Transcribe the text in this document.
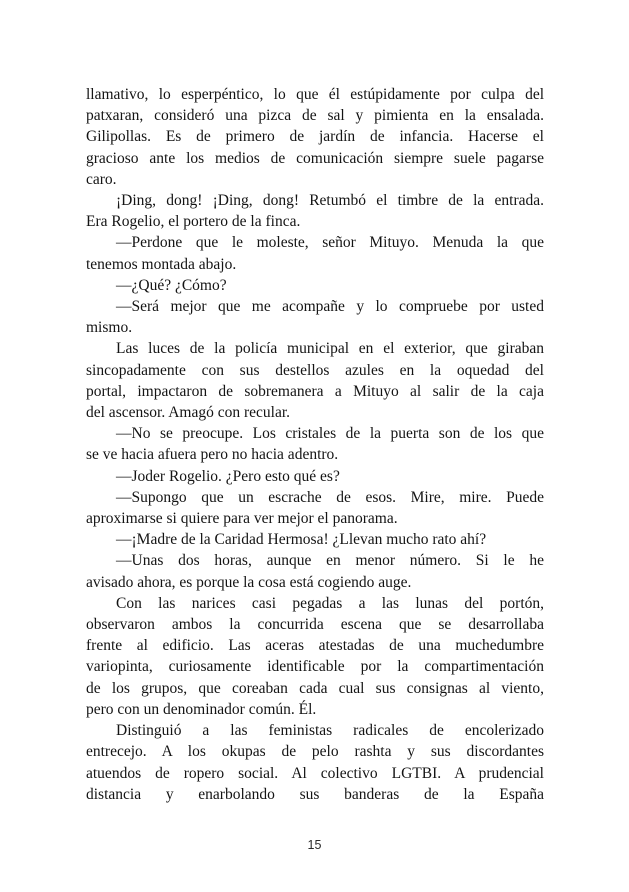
llamativo, lo esperpéntico, lo que él estúpidamente por culpa del
patxaran, consideró una pizca de sal y pimienta en la ensalada.
Gilipollas. Es de primero de jardín de infancia. Hacerse el
gracioso ante los medios de comunicación siempre suele pagarse
caro.
¡Ding, dong! ¡Ding, dong! Retumbó el timbre de la entrada.
Era Rogelio, el portero de la finca.
—Perdone que le moleste, señor Mituyo. Menuda la que
tenemos montada abajo.
—¿Qué? ¿Cómo?
—Será mejor que me acompañe y lo compruebe por usted
mismo.
Las luces de la policía municipal en el exterior, que giraban
sincopadamente con sus destellos azules en la oquedad del
portal, impactaron de sobremanera a Mituyo al salir de la caja
del ascensor. Amagó con recular.
—No se preocupe. Los cristales de la puerta son de los que
se ve hacia afuera pero no hacia adentro.
—Joder Rogelio. ¿Pero esto qué es?
—Supongo que un escrache de esos. Mire, mire. Puede
aproximarse si quiere para ver mejor el panorama.
—¡Madre de la Caridad Hermosa! ¿Llevan mucho rato ahí?
—Unas dos horas, aunque en menor número. Si le he
avisado ahora, es porque la cosa está cogiendo auge.
Con las narices casi pegadas a las lunas del portón,
observaron ambos la concurrida escena que se desarrollaba
frente al edificio. Las aceras atestadas de una muchedumbre
variopinta, curiosamente identificable por la compartimentación
de los grupos, que coreaban cada cual sus consignas al viento,
pero con un denominador común. Él.
Distinguió a las feministas radicales de encolerizado
entrecejo. A los okupas de pelo rashta y sus discordantes
atuendos de ropero social. Al colectivo LGTBI. A prudencial
distancia y enarbolando sus banderas de la España
15
